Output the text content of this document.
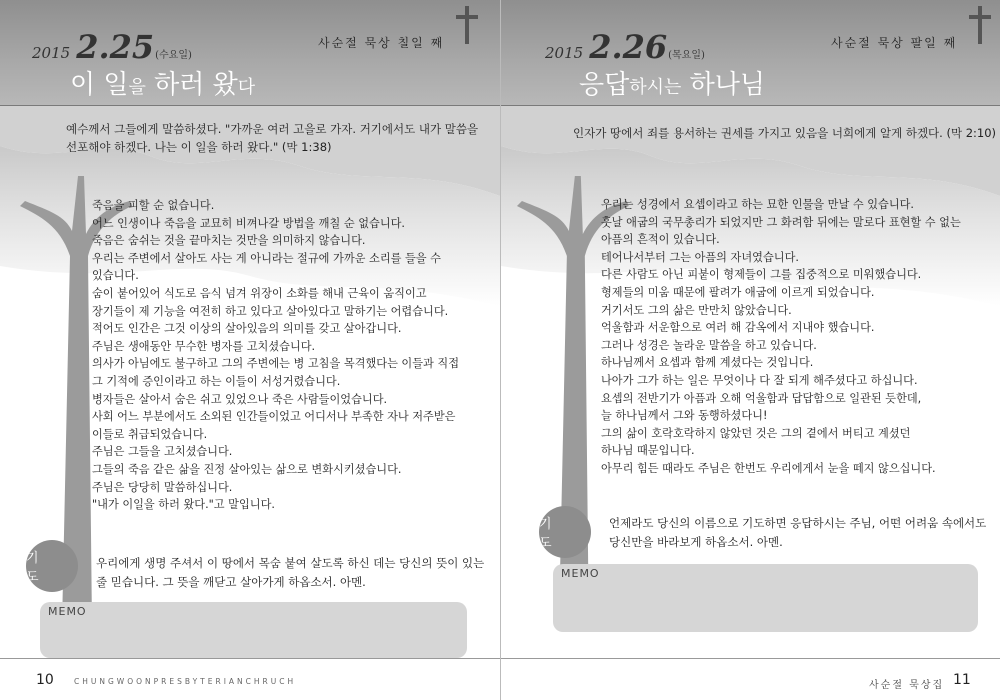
2015 2.25(수요일)
사순절 묵상 칠일 째
이 일을 하러 왔다
예수께서 그들에게 말씀하셨다. "가까운 여러 고을로 가자. 거기에서도 내가 말씀을
선포해야 하겠다. 나는 이 일을 하러 왔다." (막 1:38)
죽음을 피할 순 없습니다.
어느 인생이나 죽음을 교묘히 비껴나갈 방법을 깨칠 순 없습니다.
죽음은 숨쉬는 것을 끝마치는 것만을 의미하지 않습니다.
우리는 주변에서 살아도 사는 게 아니라는 절규에 가까운 소리를 들을 수
있습니다.
숨이 붙어있어 식도로 음식 넘겨 위장이 소화를 해내 근육이 움직이고
장기들이 제 기능을 여전히 하고 있다고 살아있다고 말하기는 어렵습니다.
적어도 인간은 그것 이상의 살아있음의 의미를 갖고 살아갑니다.
주님은 생애동안 무수한 병자를 고치셨습니다.
의사가 아님에도 불구하고 그의 주변에는 병 고침을 목격했다는 이들과 직접
그 기적에 증인이라고 하는 이들이 서성거렸습니다.
병자들은 살아서 숨은 쉬고 있었으나 죽은 사람들이었습니다.
사회 어느 부분에서도 소외된 인간들이었고 어디서나 부족한 자나 저주받은
이들로 취급되었습니다.
주님은 그들을 고치셨습니다.
그들의 죽음 같은 삶을 진정 살아있는 삶으로 변화시키셨습니다.
주님은 당당히 말씀하십니다.
"내가 이일을 하러 왔다."고 말입니다.
기 도
우리에게 생명 주셔서 이 땅에서 목숨 붙여 살도록 하신 데는 당신의 뜻이 있는
줄 믿습니다. 그 뜻을 깨닫고 살아가게 하옵소서. 아멘.
MEMO
10	CHUNGWOONPRESBYTERIANCHRUCH
2015 2.26(목요일)
사순절 묵상 팔일 째
응답하시는 하나님
인자가 땅에서 죄를 용서하는 권세를 가지고 있음을 너희에게 알게 하겠다. (막 2:10)
우리는 성경에서 요셉이라고 하는 묘한 인물을 만날 수 있습니다.
훗날 애굽의 국무총리가 되었지만 그 화려함 뒤에는 말로다 표현할 수 없는
아픔의 흔적이 있습니다.
테어나서부터 그는 아픔의 자녀였습니다.
다른 사람도 아닌 피붙이 형제들이 그를 집중적으로 미워했습니다.
형제들의 미움 때문에 팔려가 애굽에 이르게 되었습니다.
거기서도 그의 삶은 만만치 않았습니다.
억울함과 서운함으로 여러 해 감옥에서 지내야 했습니다.
그러나 성경은 놀라운 말씀을 하고 있습니다.
하나님께서 요셉과 함께 계셨다는 것입니다.
나아가 그가 하는 일은 무엇이나 다 잘 되게 해주셨다고 하십니다.
요셉의 전반기가 아픔과 오해 억울함과 답답함으로 일관된 듯한데,
늘 하나님께서 그와 동행하셨다니!
그의 삶이 호락호락하지 않았던 것은 그의 곁에서 버티고 계셨던
하나님 때문입니다.
아무리 힘든 때라도 주님은 한번도 우리에게서 눈을 떼지 않으십니다.
기 도
언제라도 당신의 이름으로 기도하면 응답하시는 주님, 어떤 어려움 속에서도
당신만을 바라보게 하옵소서. 아멘.
MEMO
사순절 묵상집 11
